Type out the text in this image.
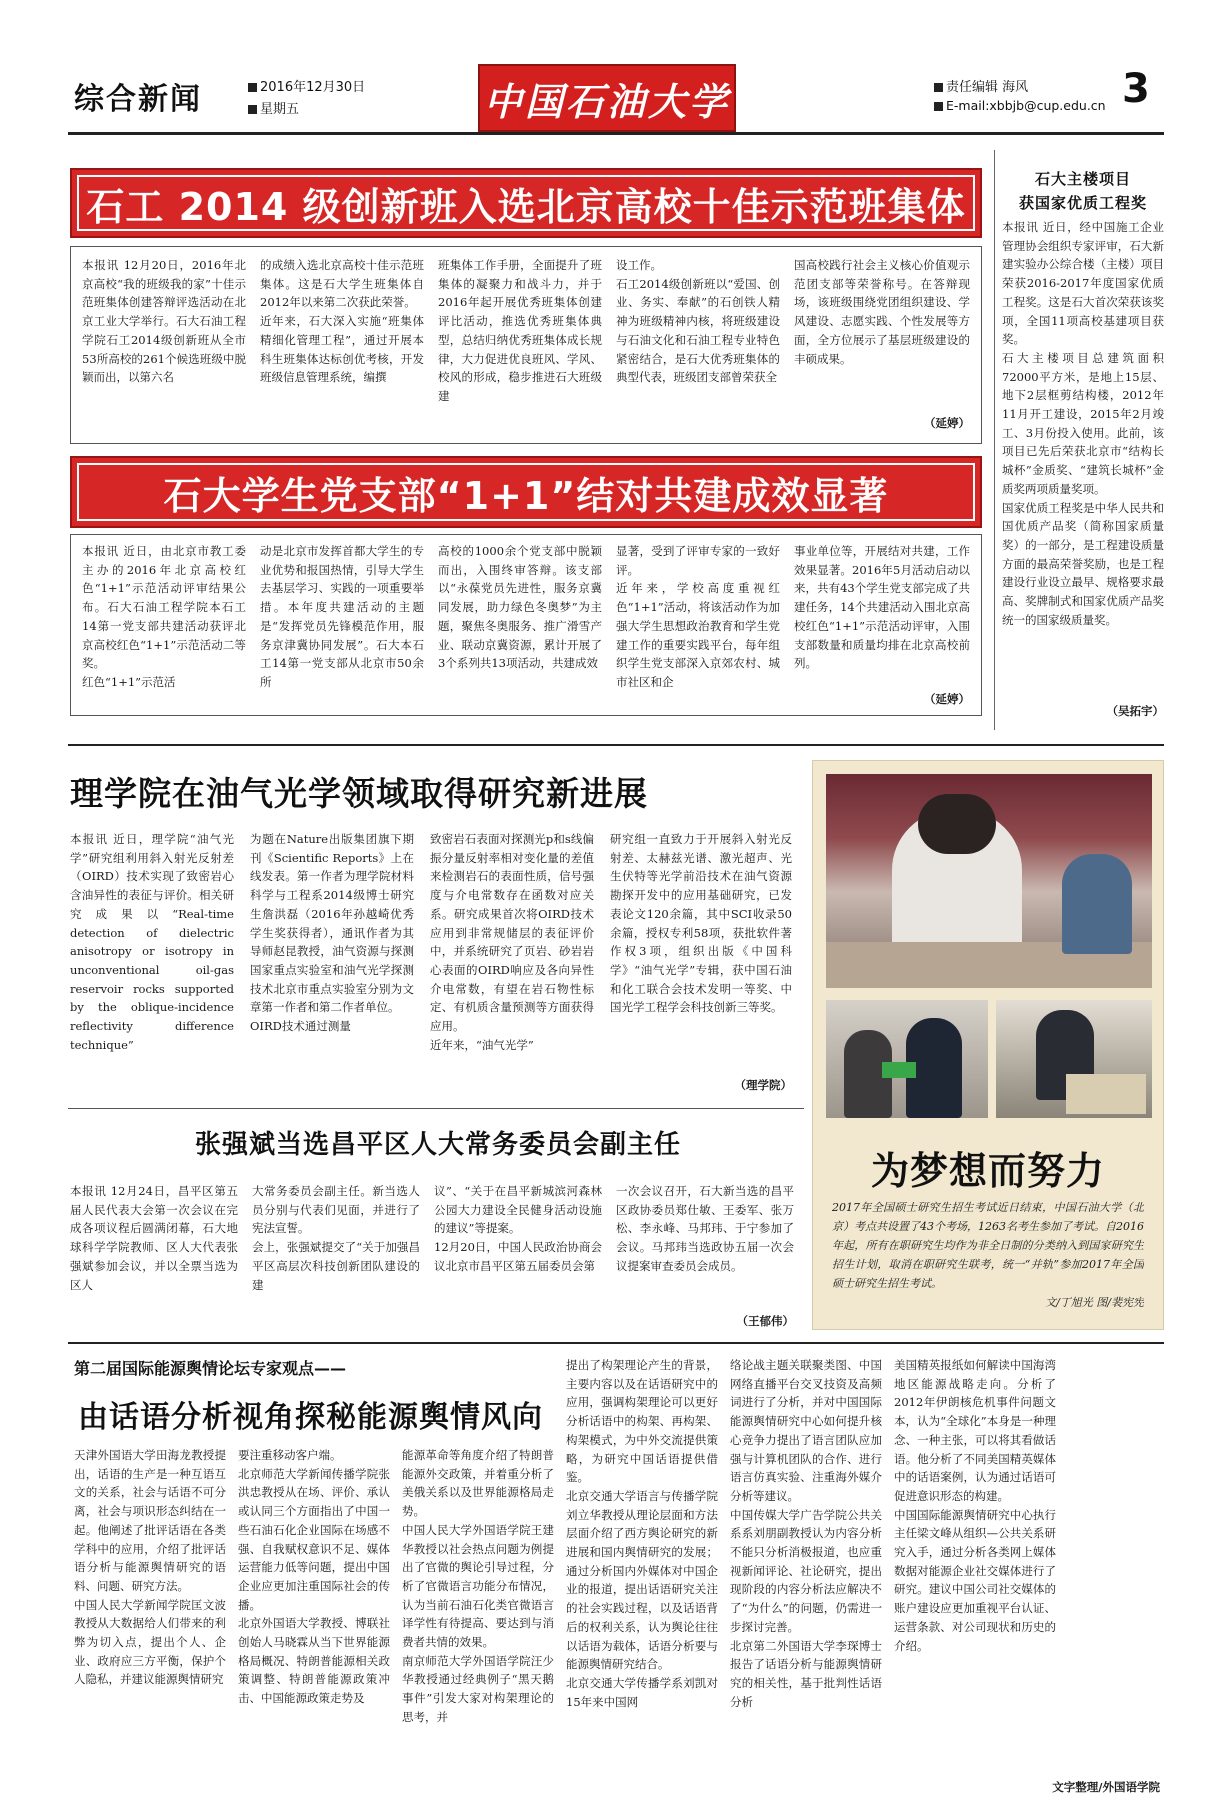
综合新闻	2016年12月30日
星期五	中国石油大学	责任编辑 海风
E-mail:xbbjb@cup.edu.cn 3
石工 2014 级创新班入选北京高校十佳示范班集体

本报讯 12月20日，2016年北京高校“我的班级我的家”十佳示范班集体创建答辩评选活动在北京工业大学举行。石大石油工程学院石工2014级创新班从全市53所高校的261个候选班级中脱颖而出，以第六名

的成绩入选北京高校十佳示范班集体。这是石大学生班集体自2012年以来第二次获此荣誉。
近年来，石大深入实施“班集体精细化管理工程”，通过开展本科生班集体达标创优考核，开发班级信息管理系统，编撰

班集体工作手册，全面提升了班集体的凝聚力和战斗力，并于2016年起开展优秀班集体创建评比活动，推选优秀班集体典型，总结归纳优秀班集体成长规律，大力促进优良班风、学风、校风的形成，稳步推进石大班级建

设工作。
石工2014级创新班以“爱国、创业、务实、奉献”的石创铁人精神为班级精神内核，将班级建设与石油文化和石油工程专业特色紧密结合，是石大优秀班集体的典型代表，班级团支部曾荣获全

国高校践行社会主义核心价值观示范团支部等荣誉称号。在答辩现场，该班级围绕党团组织建设、学风建设、志愿实践、个性发展等方面，全方位展示了基层班级建设的丰硕成果。

（延婷）
石大学生党支部“1+1”结对共建成效显著

本报讯 近日，由北京市教工委主办的2016年北京高校红色“1+1”示范活动评审结果公布。石大石油工程学院本石工14第一党支部共建活动获评北京高校红色“1+1”示范活动二等奖。
红色“1+1”示范活

动是北京市发挥首都大学生的专业优势和报国热情，引导大学生去基层学习、实践的一项重要举措。本年度共建活动的主题是“发挥党员先锋模范作用，服务京津冀协同发展”。石大本石工14第一党支部从北京市50余所

高校的1000余个党支部中脱颖而出，入围终审答辩。该支部以“永葆党员先进性，服务京冀同发展，助力绿色冬奥梦”为主题，聚焦冬奥服务、推广滑雪产业、联动京冀资源，累计开展了3个系列共13项活动，共建成效

显著，受到了评审专家的一致好评。
近年来，学校高度重视红色“1+1”活动，将该活动作为加强大学生思想政治教育和学生党建工作的重要实践平台，每年组织学生党支部深入京郊农村、城市社区和企

事业单位等，开展结对共建，工作效果显著。2016年5月活动启动以来，共有43个学生党支部完成了共建任务，14个共建活动入围北京高校红色“1+1”示范活动评审，入围支部数量和质量均排在北京高校前列。

（延婷）
石大主楼项目
获国家优质工程奖

本报讯 近日，经中国施工企业管理协会组织专家评审，石大新建实验办公综合楼（主楼）项目荣获2016-2017年度国家优质工程奖。这是石大首次荣获该奖项，全国11项高校基建项目获奖。
石大主楼项目总建筑面积72000平方米，是地上15层、地下2层框剪结构楼，2012年11月开工建设，2015年2月竣工、3月份投入使用。此前，该项目已先后荣获北京市“结构长城杯”金质奖、“建筑长城杯”金质奖两项质量奖项。
国家优质工程奖是中华人民共和国优质产品奖（简称国家质量奖）的一部分，是工程建设质量方面的最高荣誉奖励，也是工程建设行业设立最早、规格要求最高、奖牌制式和国家优质产品奖统一的国家级质量奖。

（吴拓宇）
理学院在油气光学领域取得研究新进展

本报讯 近日，理学院“油气光学”研究组利用斜入射光反射差（OIRD）技术实现了致密岩心含油异性的表征与评价。相关研究成果以“Real-time detection of dielectric anisotropy or isotropy in unconventional oil-gas reservoir rocks supported by the oblique-incidence reflectivity difference technique”

为题在Nature出版集团旗下期刊《Scientific Reports》上在线发表。第一作者为理学院材料科学与工程系2014级博士研究生詹洪磊（2016年孙越崎优秀学生奖获得者），通讯作者为其导师赵昆教授，油气资源与探测国家重点实验室和油气光学探测技术北京市重点实验室分别为文章第一作者和第二作者单位。
OIRD技术通过测量

致密岩石表面对探测光p和s线偏振分量反射率相对变化量的差值来检测岩石的表面性质，信号强度与介电常数存在函数对应关系。研究成果首次将OIRD技术应用到非常规储层的表征评价中，并系统研究了页岩、砂岩岩心表面的OIRD响应及各向异性介电常数，有望在岩石物性标定、有机质含量预测等方面获得应用。
近年来，“油气光学”

研究组一直致力于开展斜入射光反射差、太赫兹光谱、激光超声、光生伏特等光学前沿技术在油气资源勘探开发中的应用基础研究，已发表论文120余篇，其中SCI收录50余篇，授权专利58项，获批软件著作权3项，组织出版《中国科学》“油气光学”专辑，获中国石油和化工联合会技术发明一等奖、中国光学工程学会科技创新三等奖。

（理学院）
张强斌当选昌平区人大常务委员会副主任

本报讯 12月24日，昌平区第五届人民代表大会第一次会议在完成各项议程后圆满闭幕，石大地球科学学院教师、区人大代表张强斌参加会议，并以全票当选为区人

大常务委员会副主任。新当选人员分别与代表们见面，并进行了宪法宣誓。
会上，张强斌提交了“关于加强昌平区高层次科技创新团队建设的建

议”、“关于在昌平新城滨河森林公园大力建设全民健身活动设施的建议”等提案。
12月20日，中国人民政治协商会议北京市昌平区第五届委员会第

一次会议召开，石大新当选的昌平区政协委员郑仕敏、王委军、张万松、李永峰、马邦玮、于宁参加了会议。马邦玮当选政协五届一次会议提案审查委员会成员。

（王郁伟）
为梦想而努力

2017年全国硕士研究生招生考试近日结束，中国石油大学（北京）考点共设置了43个考场，1263名考生参加了考试。自2016年起，所有在职研究生均作为非全日制的分类纳入到国家研究生招生计划，取消在职研究生联考，统一“并轨”参加2017年全国硕士研究生招生考试。

文/丁旭光 图/裴宪宪
第二届国际能源舆情论坛专家观点——
由话语分析视角探秘能源舆情风向

天津外国语大学田海龙教授提出，话语的生产是一种互语互文的关系，社会与话语不可分离，社会与项识形态纠结在一起。他阐述了批评话语在各类学科中的应用，介绍了批评话语分析与能源舆情研究的语料、问题、研究方法。
中国人民大学新闻学院匡文波教授从大数据给人们带来的利弊为切入点，提出个人、企业、政府应三方平衡，保护个人隐私，并建议能源舆情研究

要注重移动客户端。
北京师范大学新闻传播学院张洪忠教授从在场、评价、承认或认同三个方面指出了中国一些石油石化企业国际在场感不强、自我赋权意识不足、媒体运营能力低等问题，提出中国企业应更加注重国际社会的传播。
北京外国语大学教授、博联社创始人马晓霖从当下世界能源格局概况、特朗普能源相关政策调整、特朗普能源政策冲击、中国能源政策走势及

能源革命等角度介绍了特朗普能源外交政策，并着重分析了美俄关系以及世界能源格局走势。
中国人民大学外国语学院王建华教授以社会热点问题为例提出了官微的舆论引导过程，分析了官微语言功能分布情况，认为当前石油石化类官微语言译学性有待提高、要达到与消费者共情的效果。
南京师范大学外国语学院汪少华教授通过经典例子“黑天鹅事件”引发大家对构架理论的思考，并

提出了构架理论产生的背景，主要内容以及在话语研究中的应用，强调构架理论可以更好分析话语中的构架、再构架、构架模式，为中外交流提供策略，为研究中国话语提供借鉴。
北京交通大学语言与传播学院刘立华教授从理论层面和方法层面介绍了西方舆论研究的新进展和国内舆情研究的发展；通过分析国内外媒体对中国企业的报道，提出话语研究关注的社会实践过程，以及话语背后的权利关系，认为舆论往往以话语为载体，话语分析要与能源舆情研究结合。
北京交通大学传播学系刘凯对15年来中国网

络论战主题关联聚类图、中国网络直播平台交叉技资及高频词进行了分析，并对中国国际能源舆情研究中心如何提升核心竞争力提出了语言团队应加强与计算机团队的合作、进行语言仿真实验、注重海外媒介分析等建议。
中国传媒大学广告学院公共关系系刘朋副教授认为内容分析不能只分析消极报道，也应重视新闻评论、社论研究，提出现阶段的内容分析法应解决不了“为什么”的问题，仍需进一步探讨完善。
北京第二外国语大学李琛博士报告了话语分析与能源舆情研究的相关性，基于批判性话语分析

美国精英报纸如何解读中国海湾地区能源战略走向。分析了2012年伊朗核危机事件问题文本，认为“全球化”本身是一种理念、一种主张，可以将其看做话语。他分析了不同美国精英媒体中的话语案例，认为通过话语可促进意识形态的构建。
中国国际能源舆情研究中心执行主任梁文峰从组织—公共关系研究入手，通过分析各类网上媒体数据对能源企业社交媒体进行了研究。建议中国公司社交媒体的账户建设应更加重视平台认证、运营条款、对公司现状和历史的介绍。

文字整理/外国语学院
